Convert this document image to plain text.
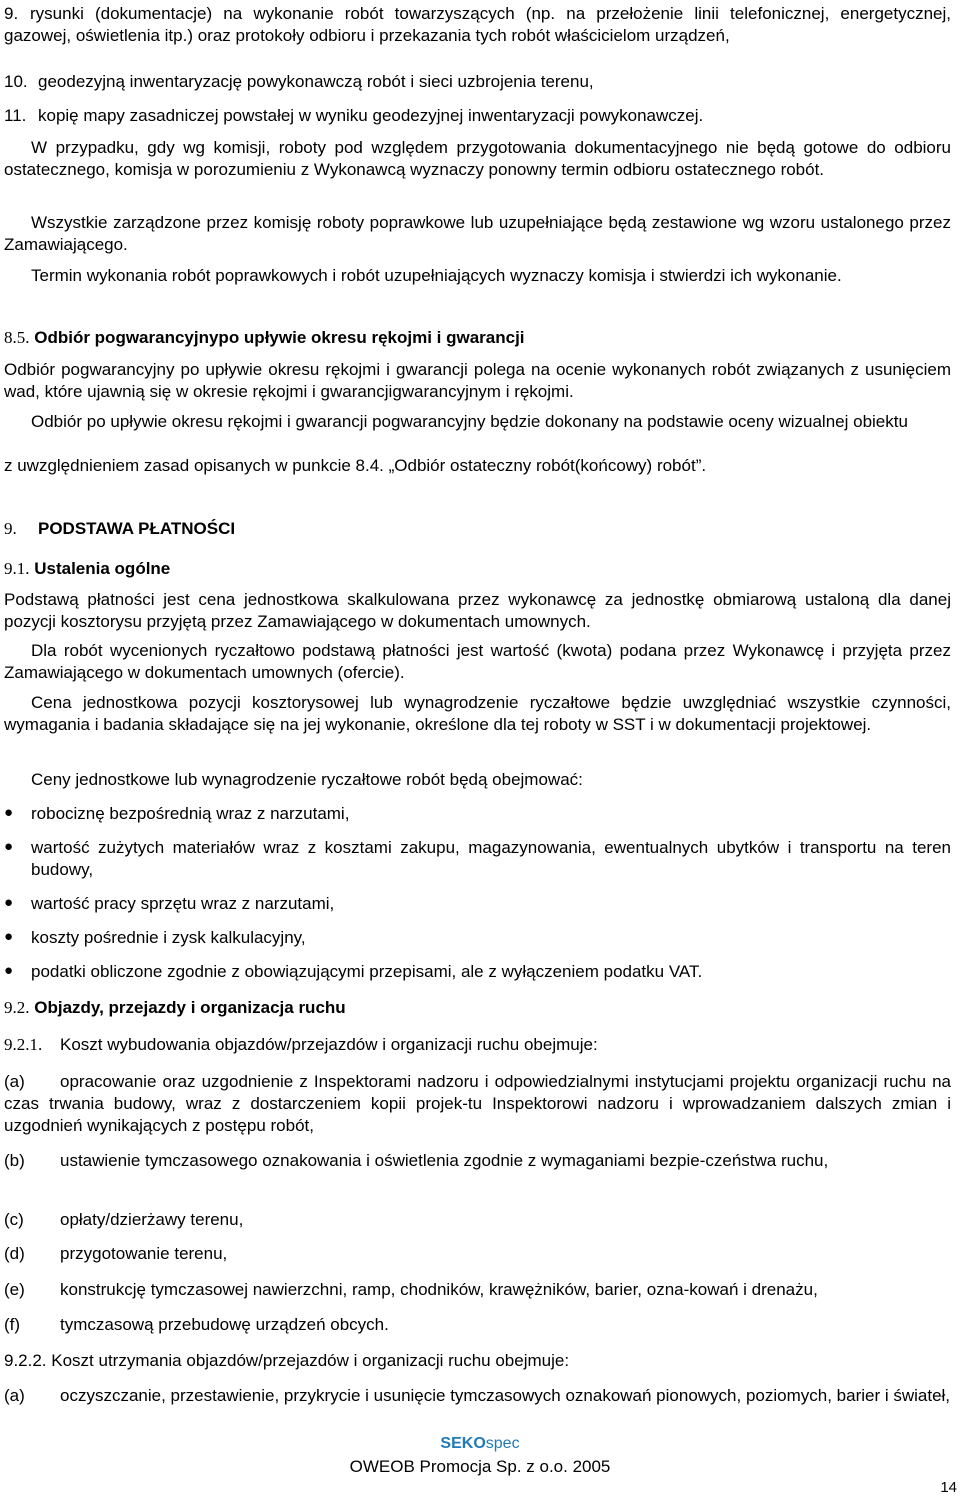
9. rysunki (dokumentacje) na wykonanie robót towarzyszących (np. na przełożenie linii telefonicznej, energetycznej, gazowej, oświetlenia itp.) oraz protokoły odbioru i przekazania tych robót właścicielom urządzeń,
10. geodezyjną inwentaryzację powykonawczą robót i sieci uzbrojenia terenu,
11. kopię mapy zasadniczej powstałej w wyniku geodezyjnej inwentaryzacji powykonawczej.
W przypadku, gdy wg komisji, roboty pod względem przygotowania dokumentacyjnego nie będą gotowe do odbioru ostatecznego, komisja w porozumieniu z Wykonawcą wyznaczy ponowny termin odbioru ostatecznego robót.
Wszystkie zarządzone przez komisję roboty poprawkowe lub uzupełniające będą zestawione wg wzoru ustalonego przez Zamawiającego.
Termin wykonania robót poprawkowych i robót uzupełniających wyznaczy komisja i stwierdzi ich wykonanie.
8.5. Odbiór pogwarancyjnypo upływie okresu rękojmi i gwarancji
Odbiór pogwarancyjny po upływie okresu rękojmi i gwarancji polega na ocenie wykonanych robót związanych z usunięciem wad, które ujawnią się w okresie rękojmi i gwarancjigwarancyjnym i rękojmi.
Odbiór po upływie okresu rękojmi i gwarancji pogwarancyjny będzie dokonany na podstawie oceny wizualnej obiektu
z uwzględnieniem zasad opisanych w punkcie 8.4. „Odbiór ostateczny robót(końcowy) robót”.
9. PODSTAWA PŁATNOŚCI
9.1. Ustalenia ogólne
Podstawą płatności jest cena jednostkowa skalkulowana przez wykonawcę za jednostkę obmiarową ustaloną dla danej pozycji kosztorysu przyjętą przez Zamawiającego w dokumentach umownych.
Dla robót wycenionych ryczałtowo podstawą płatności jest wartość (kwota) podana przez Wykonawcę i przyjęta przez Zamawiającego w dokumentach umownych (ofercie).
Cena jednostkowa pozycji kosztorysowej lub wynagrodzenie ryczałtowe będzie uwzględniać wszystkie czynności, wymagania i badania składające się na jej wykonanie, określone dla tej roboty w SST i w dokumentacji projektowej.
Ceny jednostkowe lub wynagrodzenie ryczałtowe robót będą obejmować:
● robociznę bezpośrednią wraz z narzutami,
● wartość zużytych materiałów wraz z kosztami zakupu, magazynowania, ewentualnych ubytków i transportu na teren budowy,
● wartość pracy sprzętu wraz z narzutami,
● koszty pośrednie i zysk kalkulacyjny,
● podatki obliczone zgodnie z obowiązującymi przepisami, ale z wyłączeniem podatku VAT.
9.2. Objazdy, przejazdy i organizacja ruchu
9.2.1. Koszt wybudowania objazdów/przejazdów i organizacji ruchu obejmuje:
(a) opracowanie oraz uzgodnienie z Inspektorami nadzoru i odpowiedzialnymi instytucjami projektu organizacji ruchu na czas trwania budowy, wraz z dostarczeniem kopii projek-tu Inspektorowi nadzoru i wprowadzaniem dalszych zmian i uzgodnień wynikających z postępu robót,
(b) ustawienie tymczasowego oznakowania i oświetlenia zgodnie z wymaganiami bezpie-czeństwa ruchu,
(c) opłaty/dzierżawy terenu,
(d) przygotowanie terenu,
(e) konstrukcję tymczasowej nawierzchni, ramp, chodników, krawężników, barier, ozna-kowań i drenażu,
(f) tymczasową przebudowę urządzeń obcych.
9.2.2. Koszt utrzymania objazdów/przejazdów i organizacji ruchu obejmuje:
(a) oczyszczanie, przestawienie, przykrycie i usunięcie tymczasowych oznakowań pionowych, poziomych, barier i świateł,
SEKOspec
OWEOB Promocja Sp. z o.o. 2005
14
